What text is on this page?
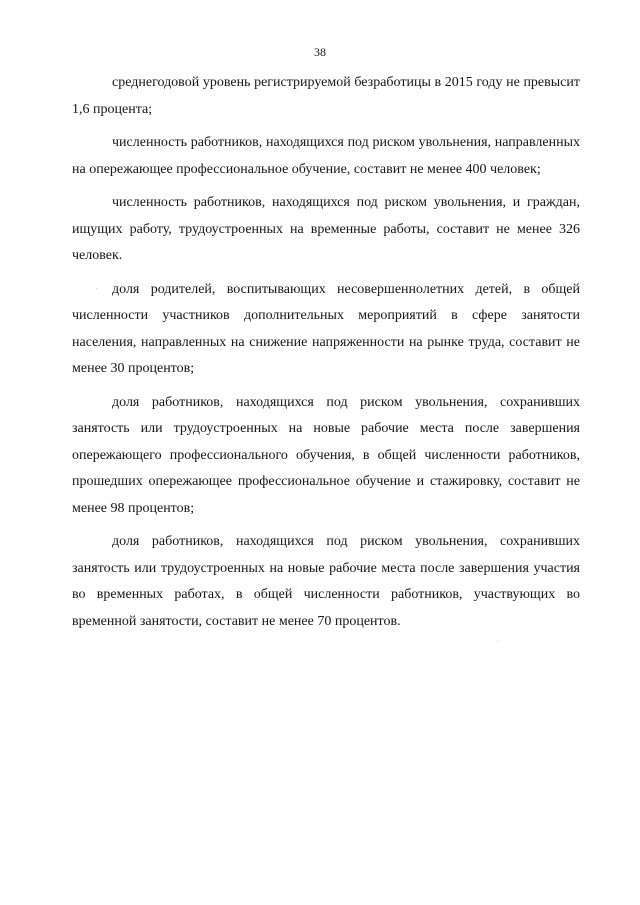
38

среднегодовой уровень регистрируемой безработицы в 2015 году не превысит 1,6 процента;

численность работников, находящихся под риском увольнения, направленных на опережающее профессиональное обучение, составит не менее 400 человек;

численность работников, находящихся под риском увольнения, и граждан, ищущих работу, трудоустроенных на временные работы, составит не менее 326 человек.

доля родителей, воспитывающих несовершеннолетних детей, в общей численности участников дополнительных мероприятий в сфере занятости населения, направленных на снижение напряженности на рынке труда, составит не менее 30 процентов;

доля работников, находящихся под риском увольнения, сохранивших занятость или трудоустроенных на новые рабочие места после завершения опережающего профессионального обучения, в общей численности работников, прошедших опережающее профессиональное обучение и стажировку, составит не менее 98 процентов;

доля работников, находящихся под риском увольнения, сохранивших занятость или трудоустроенных на новые рабочие места после завершения участия во временных работах, в общей численности работников, участвующих во временной занятости, составит не менее 70 процентов.
